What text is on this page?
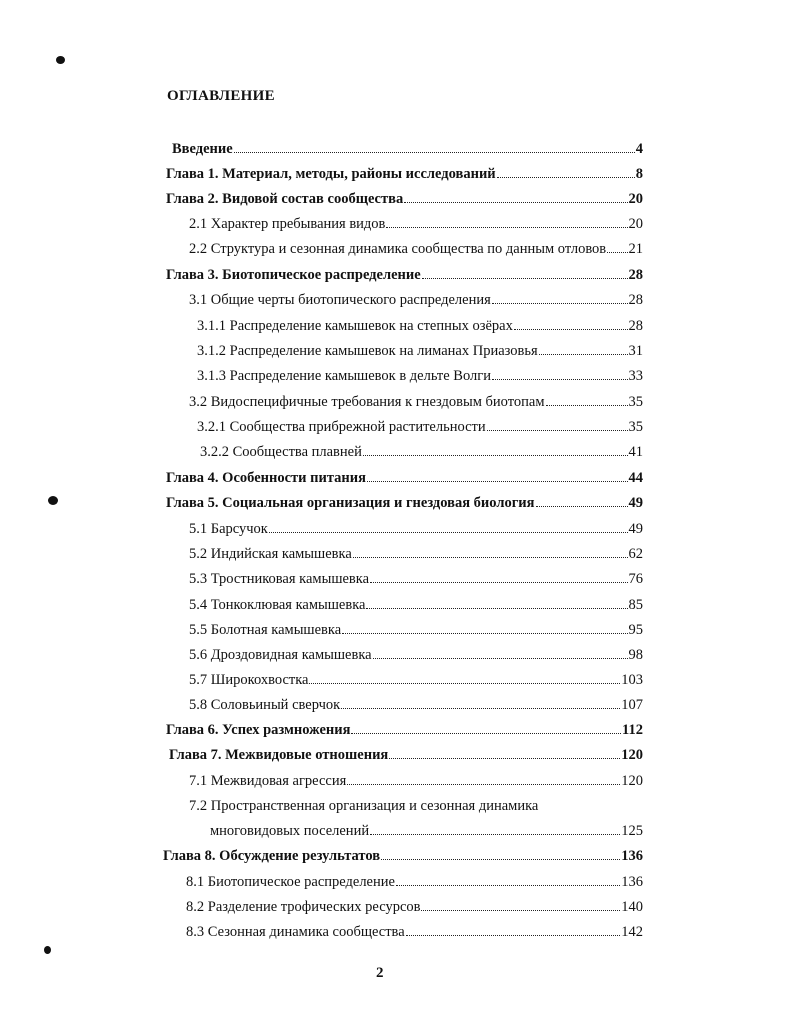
ОГЛАВЛЕНИЕ
Введение	4
Глава 1. Материал, методы, районы исследований	8
Глава 2. Видовой состав сообщества	20
2.1 Характер пребывания видов	20
2.2 Структура и сезонная динамика сообщества по данным отловов 21
Глава 3. Биотопическое распределение	28
3.1 Общие черты биотопического распределения	28
3.1.1 Распределение камышевок на степных озёрах	28
3.1.2 Распределение камышевок на лиманах Приазовья	31
3.1.3 Распределение камышевок в дельте Волги	33
3.2 Видоспецифичные требования к гнездовым биотопам	35
3.2.1 Сообщества прибрежной растительности	35
3.2.2 Сообщества плавней	41
Глава 4. Особенности питания	44
Глава 5. Социальная организация и гнездовая биология	49
5.1 Барсучок	49
5.2 Индийская камышевка	62
5.3 Тростниковая камышевка	76
5.4 Тонкоклювая камышевка	85
5.5 Болотная камышевка	95
5.6 Дроздовидная камышевка	98
5.7 Широкохвостка	103
5.8 Соловьиный сверчок	107
Глава 6. Успех размножения	112
Глава 7. Межвидовые отношения	120
7.1 Межвидовая агрессия	120
7.2 Пространственная организация и сезонная динамика
многовидовых поселений	125
Глава 8. Обсуждение результатов	136
8.1 Биотопическое распределение	136
8.2 Разделение трофических ресурсов	140
8.3 Сезонная динамика сообщества	142
2
